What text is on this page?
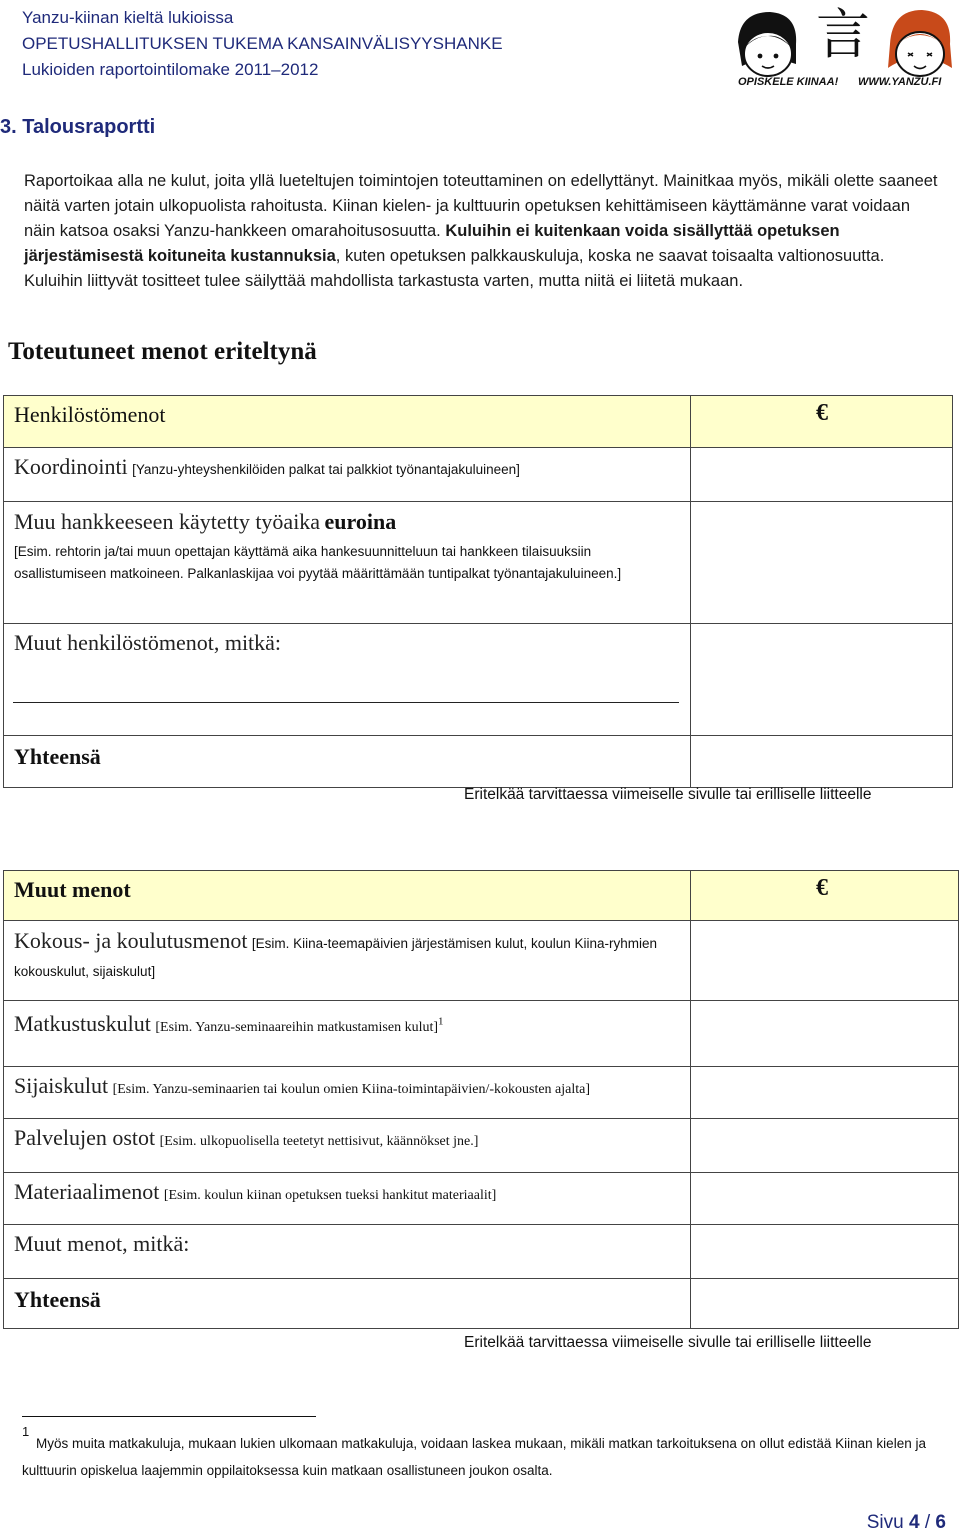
Yanzu-kiinan kieltä lukioissa
OPETUSHALLITUKSEN TUKEMA KANSAINVÄLISYYSHANKE
Lukioiden raportointilomake 2011–2012
言
OPISKELE KIINAA! WWW.YANZU.FI
3. Talousraportti
Raportoikaa alla ne kulut, joita yllä lueteltujen toimintojen toteuttaminen on edellyttänyt. Mainitkaa myös, mikäli olette saaneet näitä varten jotain ulkopuolista rahoitusta. Kiinan kielen- ja kulttuurin opetuksen kehittämiseen käyttämänne varat voidaan näin katsoa osaksi Yanzu-hankkeen omarahoitusosuutta. Kuluihin ei kuitenkaan voida sisällyttää opetuksen järjestämisestä koituneita kustannuksia, kuten opetuksen palkkauskuluja, koska ne saavat toisaalta valtionosuutta. Kuluihin liittyvät tositteet tulee säilyttää mahdollista tarkastusta varten, mutta niitä ei liitetä mukaan.
Toteutuneet menot eriteltynä
Henkilöstömenot	€

Koordinointi [Yanzu-yhteyshenkilöiden palkat tai palkkiot työnantajakuluineen]	

Muu hankkeeseen käytetty työaika euroina
[Esim. rehtorin ja/tai muun opettajan käyttämä aika hankesuunnitteluun tai hankkeen tilaisuuksiin osallistumiseen matkoineen. Palkanlaskijaa voi pyytää määrittämään tuntipalkat työnantajakuluineen.]	

Muut henkilöstömenot, mitkä:

Yhteensä	
Eritelkää tarvittaessa viimeiselle sivulle tai erilliselle liitteelle
Muut menot	€

Kokous- ja koulutusmenot [Esim. Kiina-teemapäivien järjestämisen kulut, koulun Kiina-ryhmien kokouskulut, sijaiskulut]	
Matkustuskulut [Esim. Yanzu-seminaareihin matkustamisen kulut]$^1$	
Sijaiskulut [Esim. Yanzu-seminaarien tai koulun omien Kiina-toimintapäivien/-kokousten ajalta]	
Palvelujen ostot [Esim. ulkopuolisella teetetyt nettisivut, käännökset jne.]	
Materiaalimenot [Esim. koulun kiinan opetuksen tueksi hankitut materiaalit]	
Muut menot, mitkä:	
Yhteensä	
Eritelkää tarvittaessa viimeiselle sivulle tai erilliselle liitteelle
1
Myös muita matkakuluja, mukaan lukien ulkomaan matkakuluja, voidaan laskea mukaan, mikäli matkan tarkoituksena on ollut edistää Kiinan kielen ja kulttuurin opiskelua laajemmin oppilaitoksessa kuin matkaan osallistuneen joukon osalta.
Sivu 4 / 6
